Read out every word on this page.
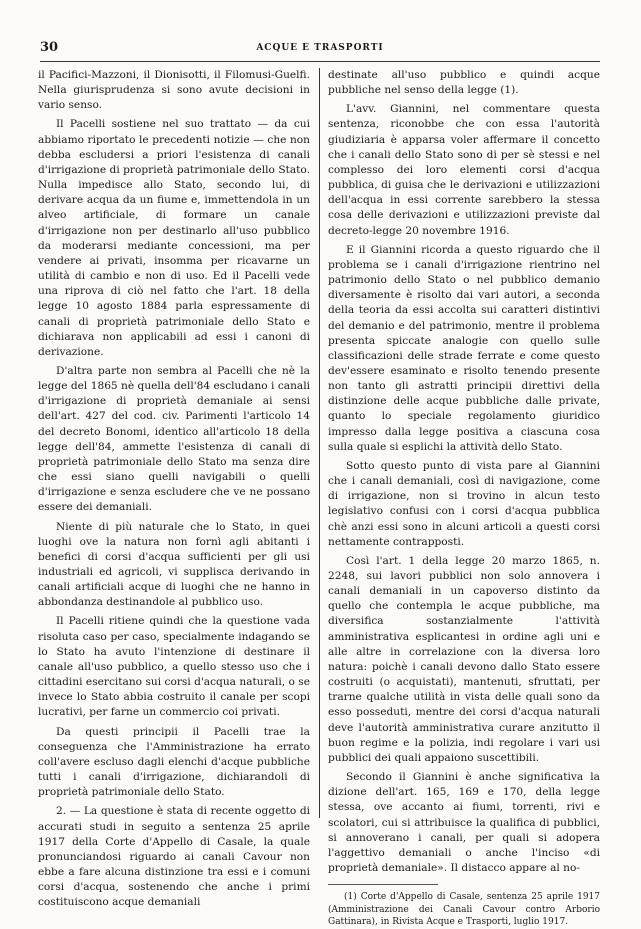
30	ACQUE E TRASPORTI

il Pacifici-Mazzoni, il Dionisotti, il Filomusi-Guelfi. Nella giurisprudenza si sono avute decisioni in vario senso.

Il Pacelli sostiene nel suo trattato — da cui abbiamo riportato le precedenti notizie — che non debba escludersi a priori l'esistenza di canali d'irrigazione di proprietà patrimoniale dello Stato. Nulla impedisce allo Stato, secondo lui, di derivare acqua da un fiume e, immettendola in un alveo artificiale, di formare un canale d'irrigazione non per destinarlo all'uso pubblico da moderarsi mediante concessioni, ma per vendere ai privati, insomma per ricavarne un utilità di cambio e non di uso. Ed il Pacelli vede una riprova di ciò nel fatto che l'art. 18 della legge 10 agosto 1884 parla espressamente di canali di proprietà patrimoniale dello Stato e dichiarava non applicabili ad essi i canoni di derivazione.

D'altra parte non sembra al Pacelli che nè la legge del 1865 nè quella dell'84 escludano i canali d'irrigazione di proprietà demaniale ai sensi dell'art. 427 del cod. civ. Parimenti l'articolo 14 del decreto Bonomi, identico all'articolo 18 della legge dell'84, ammette l'esistenza di canali di proprietà patrimoniale dello Stato ma senza dire che essi siano quelli navigabili o quelli d'irrigazione e senza escludere che ve ne possano essere dei demaniali.

Niente di più naturale che lo Stato, in quei luoghi ove la natura non fornì agli abitanti i benefici di corsi d'acqua sufficienti per gli usi industriali ed agricoli, vi supplisca derivando in canali artificiali acque di luoghi che ne hanno in abbondanza destinandole al pubblico uso.

Il Pacelli ritiene quindi che la questione vada risoluta caso per caso, specialmente indagando se lo Stato ha avuto l'intenzione di destinare il canale all'uso pubblico, a quello stesso uso che i cittadini esercitano sui corsi d'acqua naturali, o se invece lo Stato abbia costruito il canale per scopi lucrativi, per farne un commercio coi privati.

Da questi principii il Pacelli trae la conseguenza che l'Amministrazione ha errato coll'avere escluso dagli elenchi d'acque pubbliche tutti i canali d'irrigazione, dichiarandoli di proprietà patrimoniale dello Stato.

2. — La questione è stata di recente oggetto di accurati studi in seguito a sentenza 25 aprile 1917 della Corte d'Appello di Casale, la quale pronunciandosi riguardo ai canali Cavour non ebbe a fare alcuna distinzione tra essi e i comuni corsi d'acqua, sostenendo che anche i primi costituiscono acque demaniali

destinate all'uso pubblico e quindi acque pubbliche nel senso della legge (1).

L'avv. Giannini, nel commentare questa sentenza, riconobbe che con essa l'autorità giudiziaria è apparsa voler affermare il concetto che i canali dello Stato sono di per sè stessi e nel complesso dei loro elementi corsi d'acqua pubblica, di guisa che le derivazioni e utilizzazioni dell'acqua in essi corrente sarebbero la stessa cosa delle derivazioni e utilizzazioni previste dal decreto-legge 20 novembre 1916.

E il Giannini ricorda a questo riguardo che il problema se i canali d'irrigazione rientrino nel patrimonio dello Stato o nel pubblico demanio diversamente è risolto dai vari autori, a seconda della teoria da essi accolta sui caratteri distintivi del demanio e del patrimonio, mentre il problema presenta spiccate analogie con quello sulle classificazioni delle strade ferrate e come questo dev'essere esaminato e risolto tenendo presente non tanto gli astratti principii direttivi della distinzione delle acque pubbliche dalle private, quanto lo speciale regolamento giuridico impresso dalla legge positiva a ciascuna cosa sulla quale si esplichi la attività dello Stato.

Sotto questo punto di vista pare al Giannini che i canali demaniali, così di navigazione, come di irrigazione, non si trovino in alcun testo legislativo confusi con i corsi d'acqua pubblica chè anzi essi sono in alcuni articoli a questi corsi nettamente contrapposti.

Così l'art. 1 della legge 20 marzo 1865, n. 2248, sui lavori pubblici non solo annovera i canali demaniali in un capoverso distinto da quello che contempla le acque pubbliche, ma diversifica sostanzialmente l'attività amministrativa esplicantesi in ordine agli uni e alle altre in correlazione con la diversa loro natura: poichè i canali devono dallo Stato essere costruiti (o acquistati), mantenuti, sfruttati, per trarne qualche utilità in vista delle quali sono da esso posseduti, mentre dei corsi d'acqua naturali deve l'autorità amministrativa curare anzitutto il buon regime e la polizia, indi regolare i vari usi pubblici dei quali appaiono suscettibili.

Secondo il Giannini è anche significativa la dizione dell'art. 165, 169 e 170, della legge stessa, ove accanto ai fiumi, torrenti, rivi e scolatori, cui si attribuisce la qualifica di pubblici, si annoverano i canali, per quali si adopera l'aggettivo demaniali o anche l'inciso «di proprietà demaniale». Il distacco appare al no-

(1) Corte d'Appello di Casale, sentenza 25 aprile 1917 (Amministrazione dei Canali Cavour contro Arborio Gattinara), in Rivista Acque e Trasporti, luglio 1917.
